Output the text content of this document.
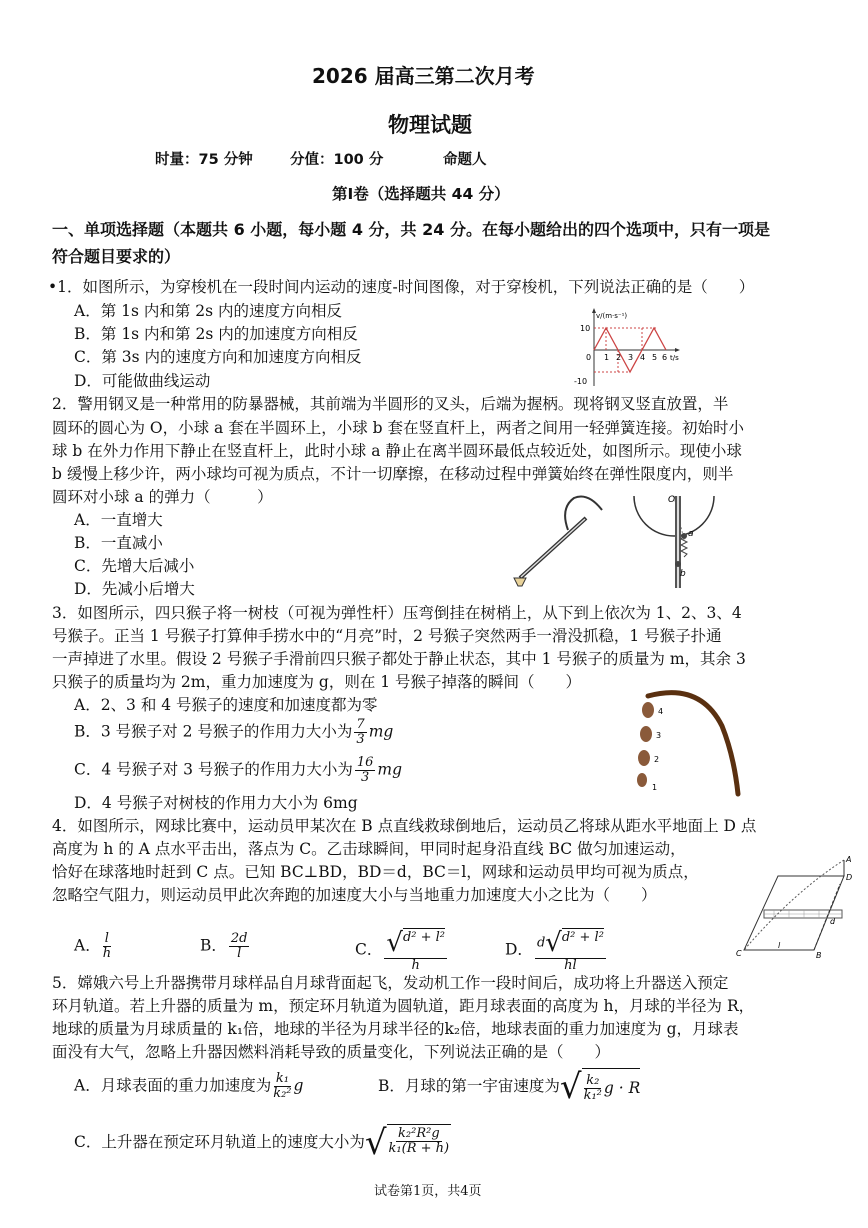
2026 届高三第二次月考
物理试题
时量：75 分钟	分值：100 分	命题人
第Ⅰ卷（选择题共 44 分）
一、单项选择题（本题共 6 小题，每小题 4 分，共 24 分。在每小题给出的四个选项中，只有一项是
符合题目要求的）
•1．如图所示，为穿梭机在一段时间内运动的速度-时间图像，对于穿梭机，下列说法正确的是（　　）
A．第 1s 内和第 2s 内的速度方向相反
B．第 1s 内和第 2s 内的加速度方向相反
C．第 3s 内的速度方向和加速度方向相反
D．可能做曲线运动
v/(m·s⁻¹)
t/s
10
-10
0 1 2 3 4 5 6
2．警用钢叉是一种常用的防暴器械，其前端为半圆形的叉头，后端为握柄。现将钢叉竖直放置，半
圆环的圆心为 O，小球 a 套在半圆环上，小球 b 套在竖直杆上，两者之间用一轻弹簧连接。初始时小
球 b 在外力作用下静止在竖直杆上，此时小球 a 静止在离半圆环最低点较近处，如图所示。现使小球
b 缓慢上移少许，两小球均可视为质点，不计一切摩擦，在移动过程中弹簧始终在弹性限度内，则半
圆环对小球 a 的弹力（　　　）
A．一直增大
B．一直减小
C．先增大后减小
D．先减小后增大
O
a
b
3．如图所示，四只猴子将一树枝（可视为弹性杆）压弯倒挂在树梢上，从下到上依次为 1、2、3、4
号猴子。正当 1 号猴子打算伸手捞水中的“月亮”时，2 号猴子突然两手一滑没抓稳，1 号猴子扑通
一声掉进了水里。假设 2 号猴子手滑前四只猴子都处于静止状态，其中 1 号猴子的质量为 m，其余 3
只猴子的质量均为 2m，重力加速度为 g，则在 1 号猴子掉落的瞬间（　　）
A．2、3 和 4 号猴子的速度和加速度都为零
B．3 号猴子对 2 号猴子的作用力大小为 $\frac{7}{3}$ mg
C．4 号猴子对 3 号猴子的作用力大小为 $\frac{16}{3}$ mg
D．4 号猴子对树枝的作用力大小为 6mg
4
3
2
1
4．如图所示，网球比赛中，运动员甲某次在 B 点直线救球倒地后，运动员乙将球从距水平地面上 D 点
高度为 h 的 A 点水平击出，落点为 C。乙击球瞬间，甲同时起身沿直线 BC 做匀加速运动，
恰好在球落地时赶到 C 点。已知 BC⊥BD，BD＝d，BC＝l，网球和运动员甲均可视为质点，
忽略空气阻力，则运动员甲此次奔跑的加速度大小与当地重力加速度大小之比为（　　）
A． $\frac{l}{h}$	B． $\frac{2d}{l}$	C． $\frac{\text{√ d² + l²}}{h}$	D． $\frac{\text{d √ d² + l²}}{hl}$
A
B
C
D
l
d
5．嫦娥六号上升器携带月球样品自月球背面起飞，发动机工作一段时间后，成功将上升器送入预定
环月轨道。若上升器的质量为 m，预定环月轨道为圆轨道，距月球表面的高度为 h，月球的半径为 R，
地球的质量为月球质量的 k₁倍，地球的半径为月球半径的k₂倍，地球表面的重力加速度为 g，月球表
面没有大气，忽略上升器因燃料消耗导致的质量变化，下列说法正确的是（　　）
A．月球表面的重力加速度为 $\frac{\text{k₁}}{\text{k₂²}}$ g	B．月球的第一宇宙速度为 √ $\frac{\text{k₂}}{\text{k₁²}}$ g · R
C．上升器在预定环月轨道上的速度大小为 √ $\frac{\text{k₂²R²g}}{\text{k₁(R + h)}}$
试卷第1页，共4页
